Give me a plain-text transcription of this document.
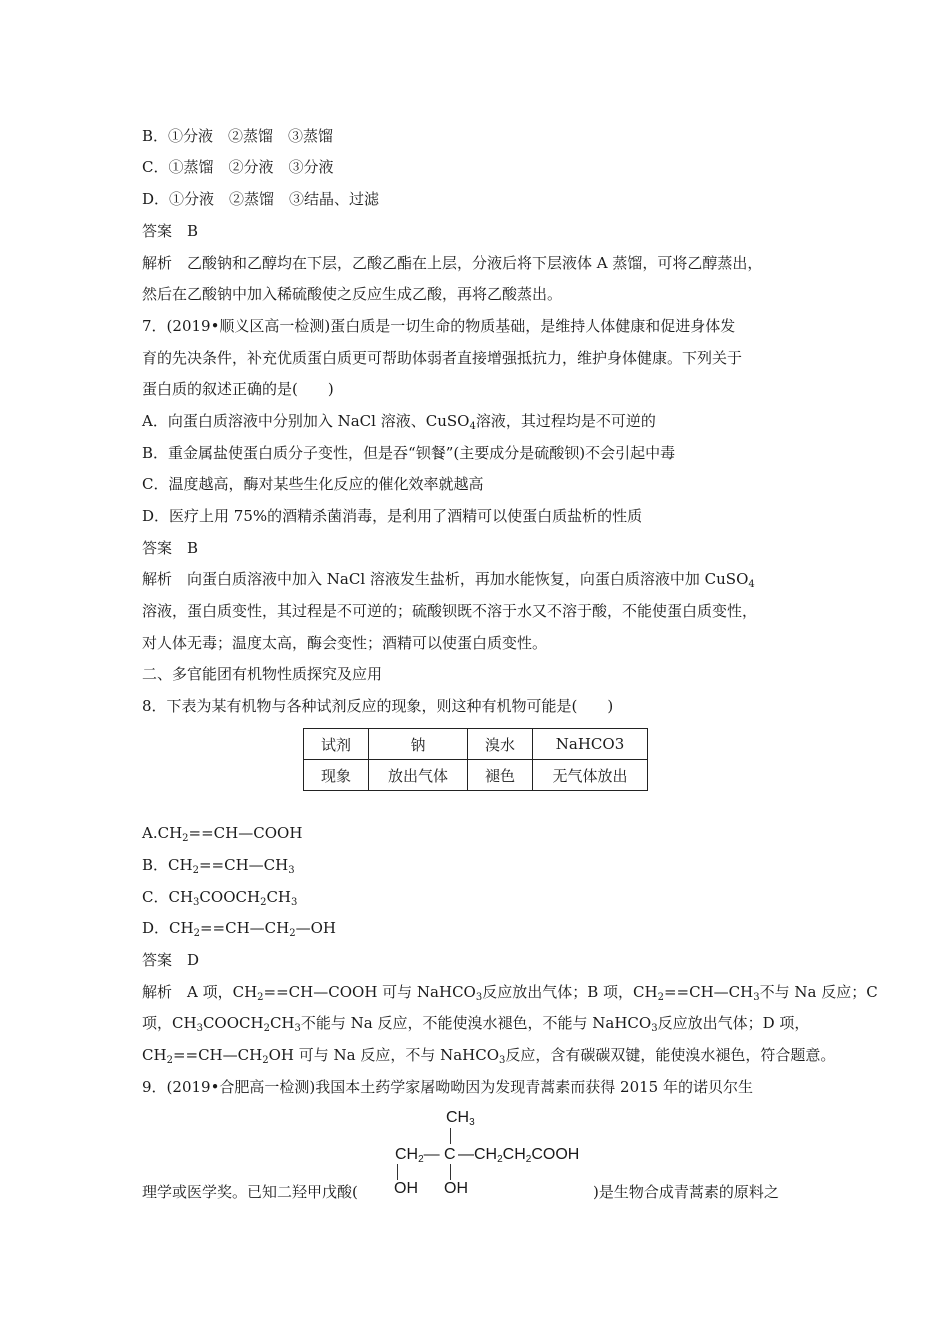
B．①分液　②蒸馏　③蒸馏
C．①蒸馏　②分液　③分液
D．①分液　②蒸馏　③结晶、过滤
答案　B
解析　乙酸钠和乙醇均在下层，乙酸乙酯在上层，分液后将下层液体 A 蒸馏，可将乙醇蒸出，
然后在乙酸钠中加入稀硫酸使之反应生成乙酸，再将乙酸蒸出。
7．(2019•顺义区高一检测)蛋白质是一切生命的物质基础，是维持人体健康和促进身体发
育的先决条件，补充优质蛋白质更可帮助体弱者直接增强抵抗力，维护身体健康。下列关于
蛋白质的叙述正确的是(　　)
A．向蛋白质溶液中分别加入 NaCl 溶液、CuSO$_4$溶液，其过程均是不可逆的
B．重金属盐使蛋白质分子变性，但是吞“钡餐”(主要成分是硫酸钡)不会引起中毒
C．温度越高，酶对某些生化反应的催化效率就越高
D．医疗上用 75%的酒精杀菌消毒，是利用了酒精可以使蛋白质盐析的性质
答案　B
解析　向蛋白质溶液中加入 NaCl 溶液发生盐析，再加水能恢复，向蛋白质溶液中加 CuSO$_4$
溶液，蛋白质变性，其过程是不可逆的；硫酸钡既不溶于水又不溶于酸，不能使蛋白质变性，
对人体无毒；温度太高，酶会变性；酒精可以使蛋白质变性。
二、多官能团有机物性质探究及应用
8．下表为某有机物与各种试剂反应的现象，则这种有机物可能是(　　)
试剂	钠	溴水	NaHCO3
现象	放出气体	褪色	无气体放出
$A.CH_2==CH—COOH$
B．$CH_2==CH—CH_3$
C．$CH_3COOCH_2CH_3$
D．$CH_2==CH—CH_2—OH$
答案　D
解析　A 项，$CH_2==CH—COOH$ 可与 NaHCO$_3$反应放出气体；B 项，$CH_2==CH—CH_3$不与 Na 反应；C
项，$CH_3COOCH_2CH_3$不能与 Na 反应，不能使溴水褪色，不能与 NaHCO$_3$反应放出气体；D 项，
$CH_2==CH—CH_2OH$ 可与 Na 反应，不与 NaHCO$_3$反应，含有碳碳双键，能使溴水褪色，符合题意。
9．(2019•合肥高一检测)我国本土药学家屠呦呦因为发现青蒿素而获得 2015 年的诺贝尔生
$CH_3$
$CH_2—$ C $—CH_2CH_2COOH$
理学或医学奖。已知二羟甲戊酸(	OH OH	)是生物合成青蒿素的原料之
